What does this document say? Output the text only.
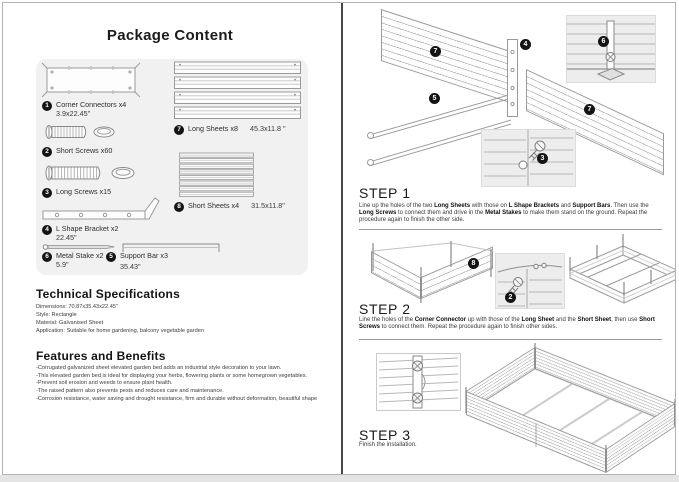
Package Content
1 Corner Connectors x4
3.9x22.45"
2 Short Screws x60
3 Long Screws x15
4 L Shape Bracket x2
22.45"
6 Metal Stake x2
5.9"
5 Support Bar x3
35.43"
7 Long Sheets x8 45.3x11.8 "
8 Short Sheets x4 31.5x11.8"
Technical Specifications
Dimensions: 70.87x35.43x22.45"
Style: Rectangle
Material: Galvanised Sheet
Application: Suitable for home gardening, balcony vegetable garden
Features and Benefits
-Corrugated galvanized sheet elevated garden bed adds an industrial style decoration to your lawn.
-This elevated garden bed is ideal for displaying your herbs, flowering plants or some homegrown vegetables.
-Prevent soil erosion and weeds to ensure plant health.
-The raised pattern also prevents pests and reduces care and maintenance.
-Corrosion resistance, water saving and drought resistance, firm and durable without deformation, beautiful shape
7
4	6
5
7
3
STEP 1
Line up the holes of the two Long Sheets with those on L Shape Brackets and Support Bars. Then use the Long Screws to connect them and drive in the Metal Stakes to make them stand on the ground. Repeat the procedure again to finish the other side.
8
2
STEP 2
Line the holes of the Corner Connector up with those of the Long Sheet and the Short Sheet, then use Short Screws to connect them. Repeat the procedure again to finish other sides.
STEP 3
Finish the installation.
